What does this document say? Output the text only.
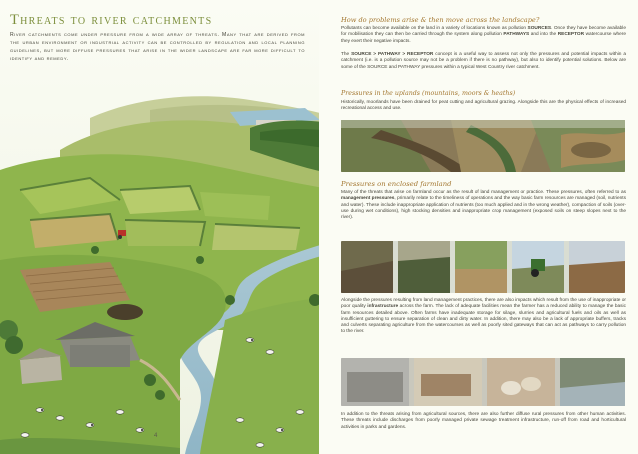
Threats to river catchments
River catchments come under pressure from a wide array of threats. Many that are derived from the urban environment or industrial activity can be controlled by regulation and local planning guidelines, but more diffuse pressures that arise in the wider landscape are far more difficult to identify and remedy.
4
How do problems arise & then move across the landscape?
Pollutants can become available on the land in a variety of locations known as pollution SOURCES. Once they have become available for mobilisation they can then be carried through the system along pollution PATHWAYS and into the RECEPTOR watercourse where they exert their negative impacts.
The SOURCE > PATHWAY > RECEPTOR concept is a useful way to assess not only the pressures and potential impacts within a catchment (i.e. is a pollution source may not be a problem if there is no pathway), but also to identify potential solutions. Below are some of the SOURCE and PATHWAY pressures within a typical West Country river catchment.
Pressures in the uplands (mountains, moors & heaths)
Historically, moorlands have been drained for peat cutting and agricultural grazing. Alongside this are the physical effects of increased recreational access and use.
Pressures on enclosed farmland
Many of the threats that arise on farmland occur as the result of land management or practice. These pressures, often referred to as management pressures, primarily relate to the timeliness of operations and the way basic farm resources are managed (soil, nutrients and water). These include inappropriate application of nutrients (too much applied and in the wrong weather), compaction of soils (over-use during wet conditions), high stocking densities and inappropriate crop management (exposed soils on steep slopes next to the river).
Alongside the pressures resulting from land management practices, there are also impacts which result from the use of inappropriate or poor quality infrastructure across the farm. The lack of adequate facilities mean the farmer has a reduced ability to manage the basic farm resources detailed above. Often farms have inadequate storage for silage, slurries and agricultural fuels and oils as well as insufficient guttering to ensure separation of clean and dirty water. In addition, there may also be a lack of appropriate buffers, tracks and culverts separating agriculture from the watercourses as well as poorly sited gateways that can act as pathways to carry pollution to the river.
In addition to the threats arising from agricultural sources, there are also further diffuse rural pressures from other human activities. These threats include discharges from poorly managed private sewage treatment infrastructure, run-off from road and horticultural activities in parks and gardens.
